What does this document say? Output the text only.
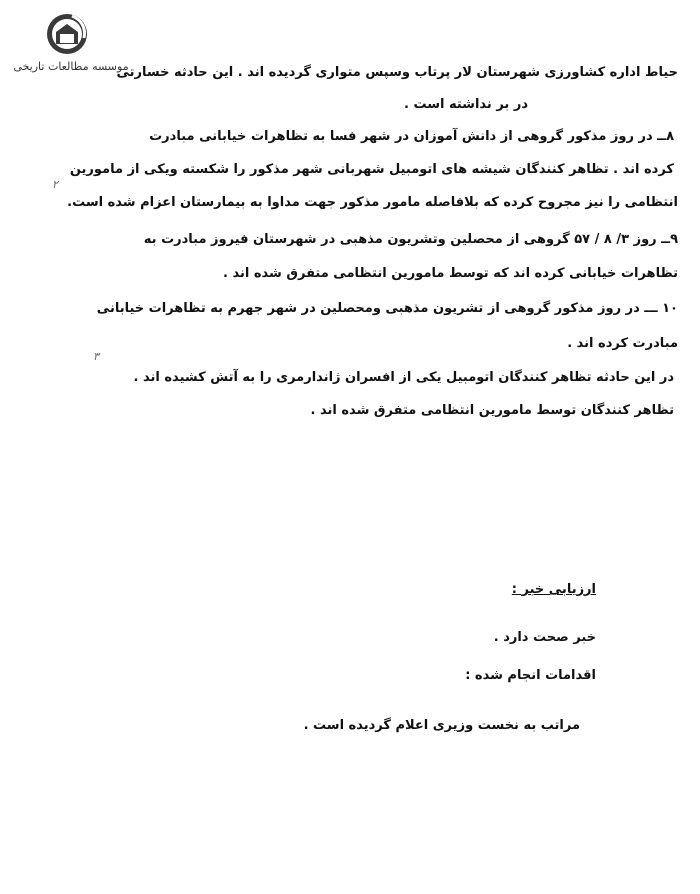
موسسه مطالعات تاریخی
حیاط اداره کشاورزی شهرستان لار پرتاب وسپس متواری گردیده اند . این حادثه خسارتی
در بر نداشته است .
۸ــ در روز مذکور گروهی از دانش آموزان در شهر فسا به تظاهرات خیابانی مبادرت
کرده اند . تظاهر کنندگان شیشه های اتومبیل شهربانی شهر مذکور را شکسته ویکی از مامورین
انتظامی را نیز مجروح کرده که بلافاصله مامور مذکور جهت مداوا به بیمارستان اعزام شده است.
۹ــ روز ۳/ ۸ / ۵۷ گروهی از محصلین وتشریون مذهبی در شهرستان فیروز مبادرت به
تظاهرات خیابانی کرده اند که توسط مامورین انتظامی متفرق شده اند .
۱۰ ـــ در روز مذکور گروهی از تشریون مذهبی ومحصلین در شهر جهرم به تظاهرات خیابانی
مبادرت کرده اند .
در این حادثه تظاهر کنندگان اتومبیل یکی از افسران ژاندارمری را به آتش کشیده اند .
تظاهر کنندگان توسط مامورین انتظامی متفرق شده اند .
۲
۳
ارزیابی خبر :
خبر صحت دارد .
اقدامات انجام شده :
مراتب به نخست وزیری اعلام گردیده است .
